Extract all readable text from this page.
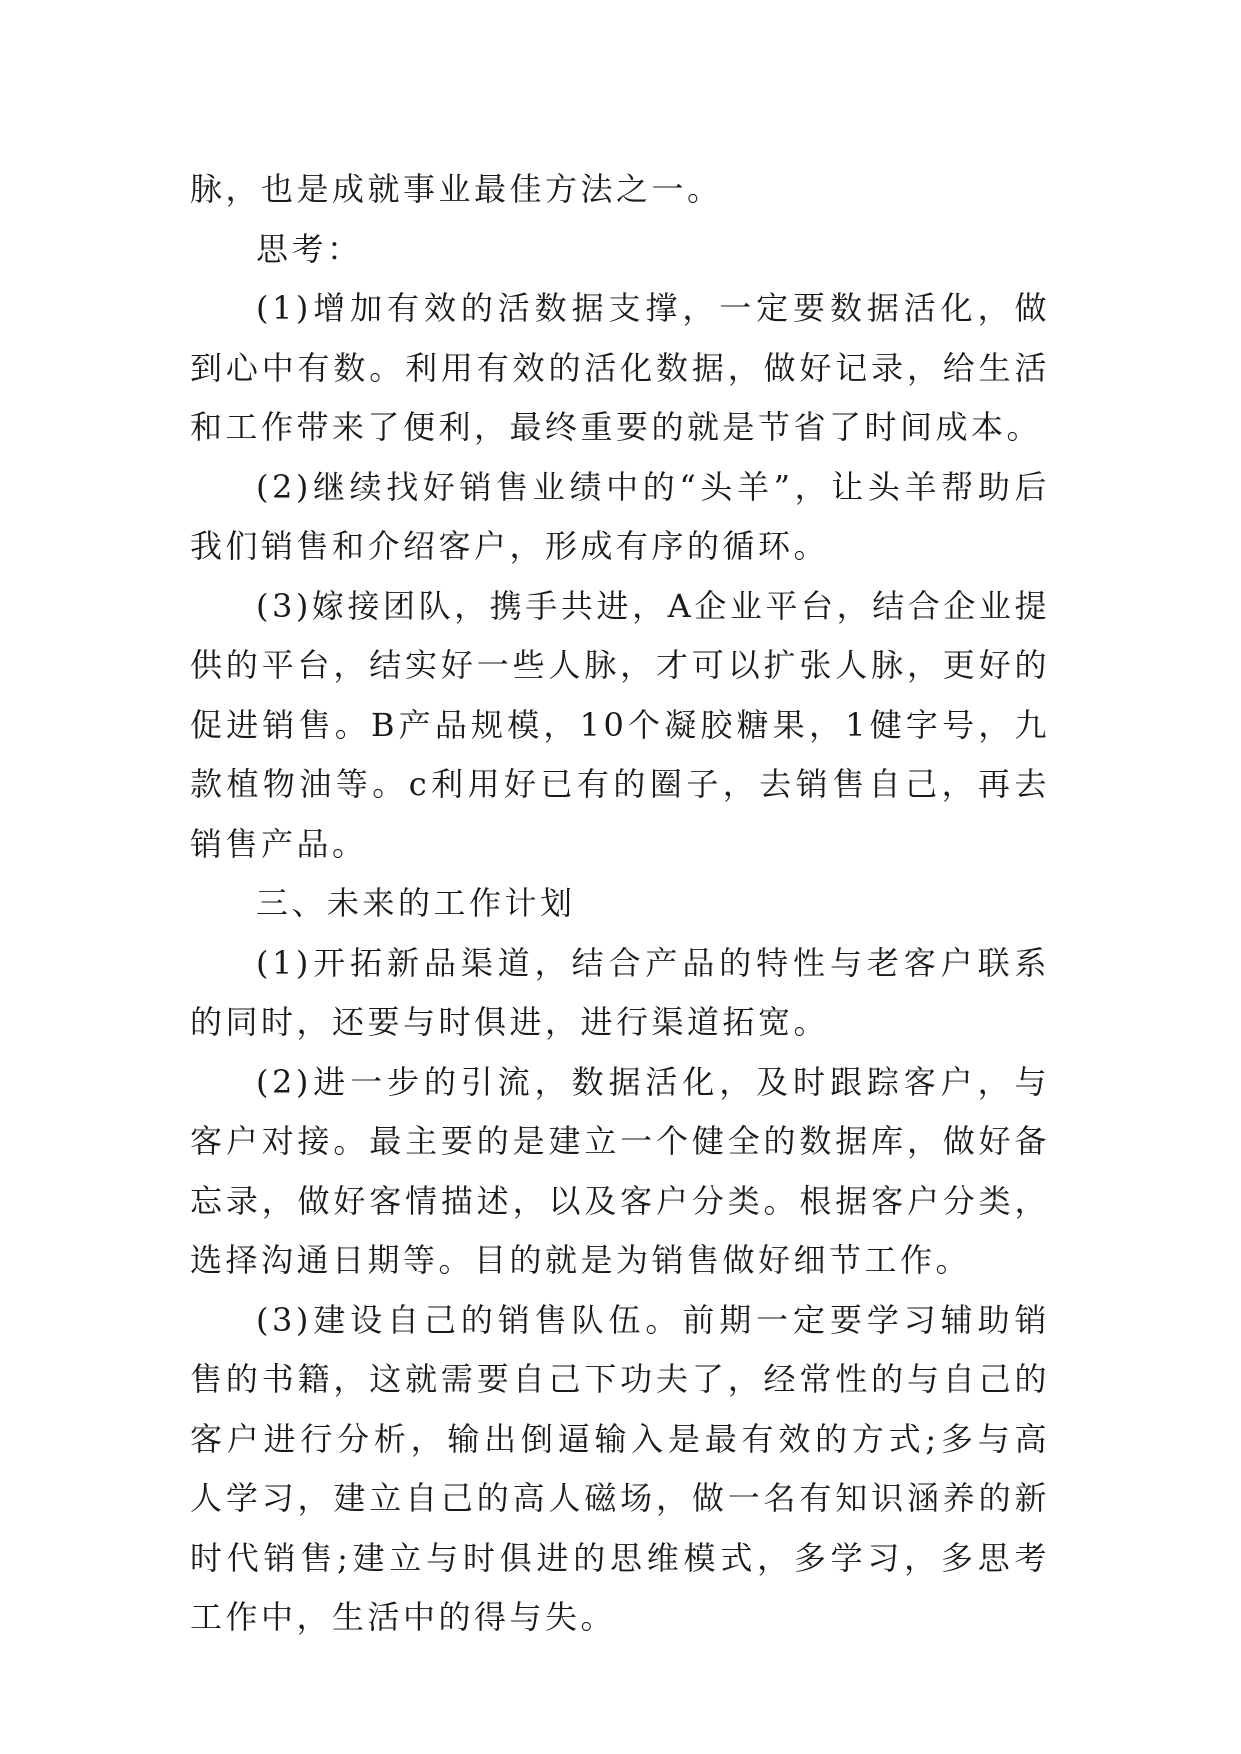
脉，也是成就事业最佳方法之一。

思考：

(1)增加有效的活数据支撑，一定要数据活化，做到心中有数。利用有效的活化数据，做好记录，给生活和工作带来了便利，最终重要的就是节省了时间成本。

(2)继续找好销售业绩中的“头羊”，让头羊帮助后我们销售和介绍客户，形成有序的循环。

(3)嫁接团队，携手共进，A企业平台，结合企业提供的平台，结实好一些人脉，才可以扩张人脉，更好的促进销售。B产品规模，10个凝胶糖果，1健字号，九款植物油等。c利用好已有的圈子，去销售自己，再去销售产品。

三、未来的工作计划

(1)开拓新品渠道，结合产品的特性与老客户联系的同时，还要与时俱进，进行渠道拓宽。

(2)进一步的引流，数据活化，及时跟踪客户，与客户对接。最主要的是建立一个健全的数据库，做好备忘录，做好客情描述，以及客户分类。根据客户分类，选择沟通日期等。目的就是为销售做好细节工作。

(3)建设自己的销售队伍。前期一定要学习辅助销售的书籍，这就需要自己下功夫了，经常性的与自己的客户进行分析，输出倒逼输入是最有效的方式;多与高人学习，建立自己的高人磁场，做一名有知识涵养的新时代销售;建立与时俱进的思维模式，多学习，多思考工作中，生活中的得与失。
